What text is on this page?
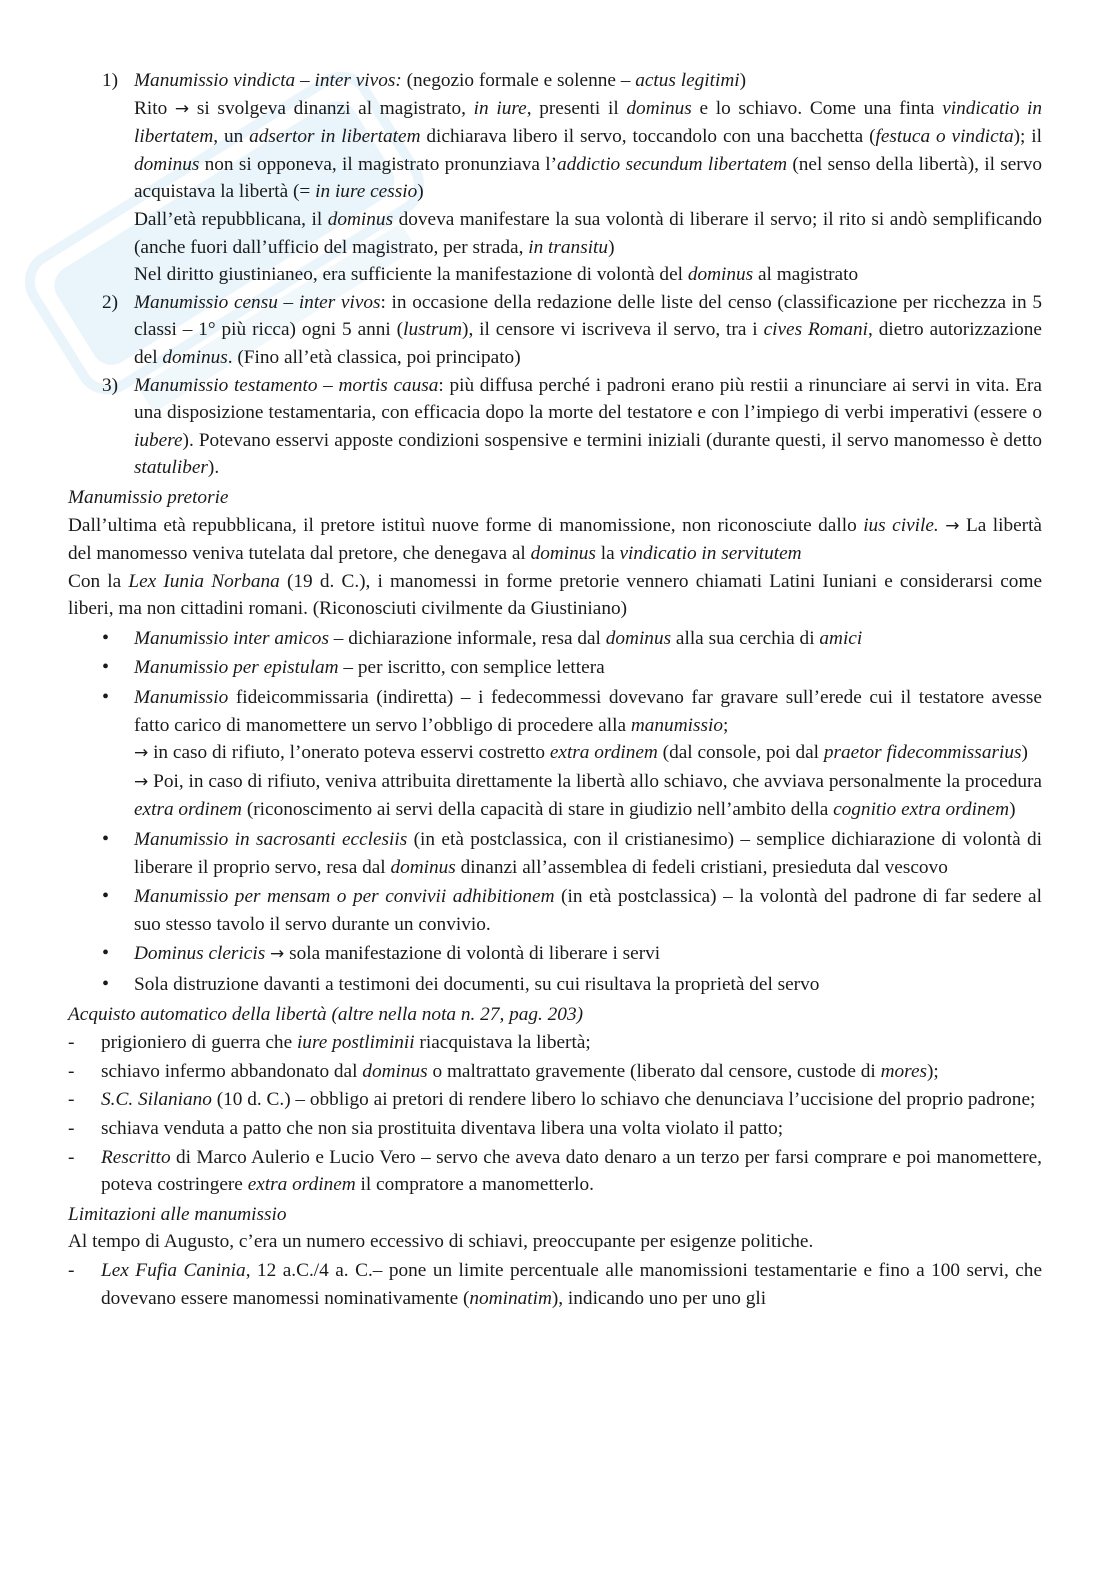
1) Manumissio vindicta – inter vivos: (negozio formale e solenne – actus legitimi)

Rito → si svolgeva dinanzi al magistrato, in iure, presenti il dominus e lo schiavo. Come una finta vindicatio in libertatem, un adsertor in libertatem dichiarava libero il servo, toccandolo con una bacchetta (festuca o vindicta); il dominus non si opponeva, il magistrato pronunziava l’addictio secundum libertatem (nel senso della libertà), il servo acquistava la libertà (= in iure cessio)

Dall’età repubblicana, il dominus doveva manifestare la sua volontà di liberare il servo; il rito si andò semplificando (anche fuori dall’ufficio del magistrato, per strada, in transitu)

Nel diritto giustinianeo, era sufficiente la manifestazione di volontà del dominus al magistrato

2) Manumissio censu – inter vivos: in occasione della redazione delle liste del censo (classificazione per ricchezza in 5 classi – 1° più ricca) ogni 5 anni (lustrum), il censore vi iscriveva il servo, tra i cives Romani, dietro autorizzazione del dominus. (Fino all’età classica, poi principato)

3) Manumissio testamento – mortis causa: più diffusa perché i padroni erano più restii a rinunciare ai servi in vita. Era una disposizione testamentaria, con efficacia dopo la morte del testatore e con l’impiego di verbi imperativi (essere o iubere). Potevano esservi apposte condizioni sospensive e termini iniziali (durante questi, il servo manomesso è detto statuliber).

Manumissio pretorie

Dall’ultima età repubblicana, il pretore istituì nuove forme di manomissione, non riconosciute dallo ius civile. → La libertà del manomesso veniva tutelata dal pretore, che denegava al dominus la vindicatio in servitutem

Con la Lex Iunia Norbana (19 d. C.), i manomessi in forme pretorie vennero chiamati Latini Iuniani e considerarsi come liberi, ma non cittadini romani. (Riconosciuti civilmente da Giustiniano)

•	Manumissio inter amicos – dichiarazione informale, resa dal dominus alla sua cerchia di amici

•	Manumissio per epistulam – per iscritto, con semplice lettera

•	Manumissio fideicommissaria (indiretta) – i fedecommessi dovevano far gravare sull’erede cui il testatore avesse fatto carico di manomettere un servo l’obbligo di procedere alla manumissio;

→ in caso di rifiuto, l’onerato poteva esservi costretto extra ordinem (dal console, poi dal praetor fidecommissarius)

→ Poi, in caso di rifiuto, veniva attribuita direttamente la libertà allo schiavo, che avviava personalmente la procedura extra ordinem (riconoscimento ai servi della capacità di stare in giudizio nell’ambito della cognitio extra ordinem)

•	Manumissio in sacrosanti ecclesiis (in età postclassica, con il cristianesimo) – semplice dichiarazione di volontà di liberare il proprio servo, resa dal dominus dinanzi all’assemblea di fedeli cristiani, presieduta dal vescovo

•	Manumissio per mensam o per convivii adhibitionem (in età postclassica) – la volontà del padrone di far sedere al suo stesso tavolo il servo durante un convivio.

•	Dominus clericis → sola manifestazione di volontà di liberare i servi

•	Sola distruzione davanti a testimoni dei documenti, su cui risultava la proprietà del servo

Acquisto automatico della libertà (altre nella nota n. 27, pag. 203)
-	prigioniero di guerra che iure postliminii riacquistava la libertà;
-	schiavo infermo abbandonato dal dominus o maltrattato gravemente (liberato dal censore, custode di mores);
-	S.C. Silaniano (10 d. C.) – obbligo ai pretori di rendere libero lo schiavo che denunciava l’uccisione del proprio padrone;
-	schiava venduta a patto che non sia prostituita diventava libera una volta violato il patto;
-	Rescritto di Marco Aulerio e Lucio Vero – servo che aveva dato denaro a un terzo per farsi comprare e poi manomettere, poteva costringere extra ordinem il compratore a manometterlo.
Limitazioni alle manumissio

Al tempo di Augusto, c’era un numero eccessivo di schiavi, preoccupante per esigenze politiche.

-	Lex Fufia Caninia, 12 a.C./4 a. C.– pone un limite percentuale alle manomissioni testamentarie e fino a 100 servi, che dovevano essere manomessi nominativamente (nominatim), indicando uno per uno gli
